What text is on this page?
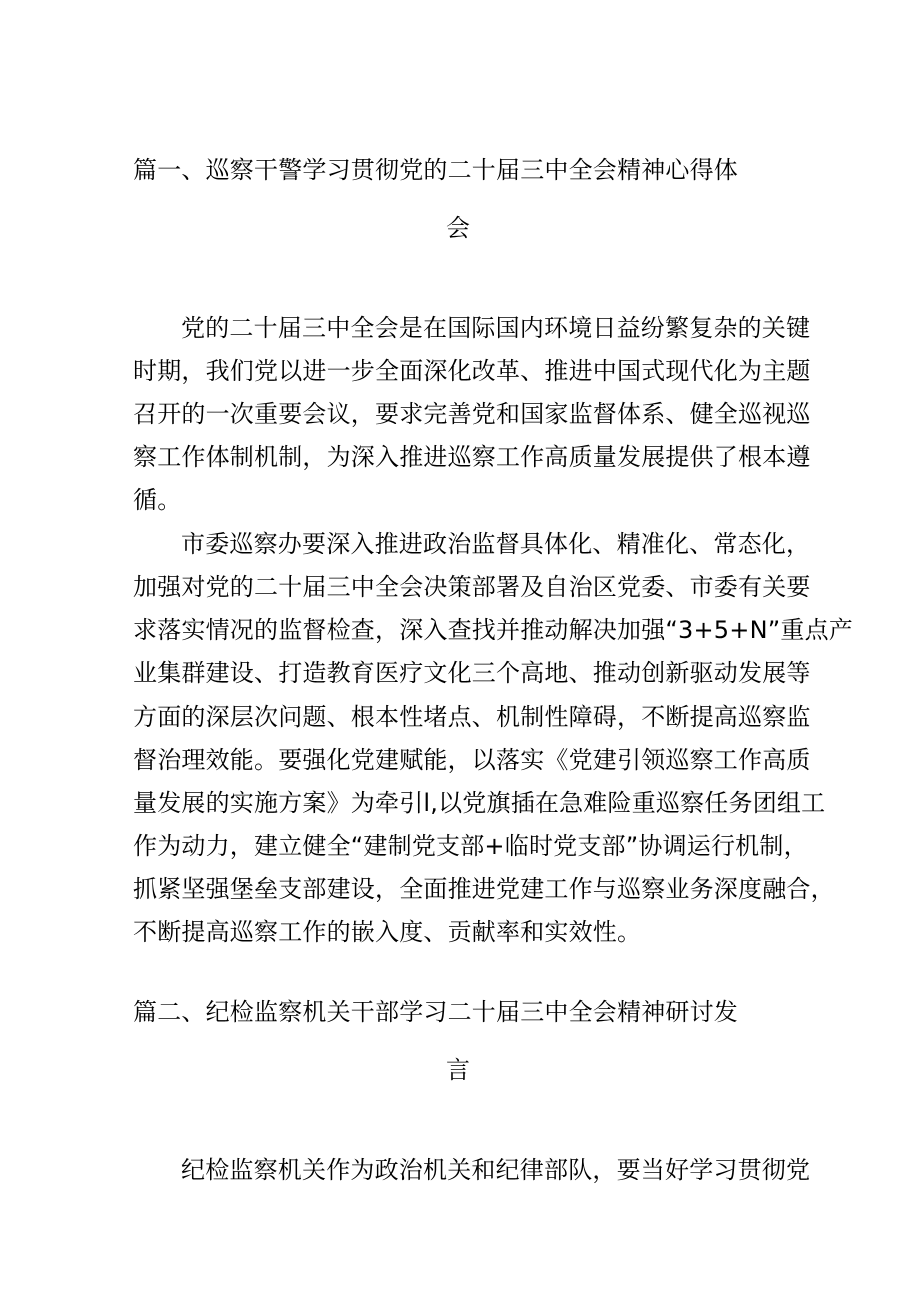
篇一、巡察干警学习贯彻党的二十届三中全会精神心得体
会
党的二十届三中全会是在国际国内环境日益纷繁复杂的关键
时期，我们党以进一步全面深化改革、推进中国式现代化为主题
召开的一次重要会议，要求完善党和国家监督体系、健全巡视巡
察工作体制机制，为深入推进巡察工作高质量发展提供了根本遵
循。
市委巡察办要深入推进政治监督具体化、精准化、常态化，
加强对党的二十届三中全会决策部署及自治区党委、市委有关要
求落实情况的监督检查，深入查找并推动解决加强“3+5+N”重点产
业集群建设、打造教育医疗文化三个高地、推动创新驱动发展等
方面的深层次问题、根本性堵点、机制性障碍，不断提高巡察监
督治理效能。要强化党建赋能，以落实《党建引领巡察工作高质
量发展的实施方案》为牵引l,以党旗插在急难险重巡察任务团组工
作为动力，建立健全“建制党支部+临时党支部”协调运行机制，
抓紧坚强堡垒支部建设，全面推进党建工作与巡察业务深度融合，
不断提高巡察工作的嵌入度、贡献率和实效性。
篇二、纪检监察机关干部学习二十届三中全会精神研讨发
言
纪检监察机关作为政治机关和纪律部队，要当好学习贯彻党
